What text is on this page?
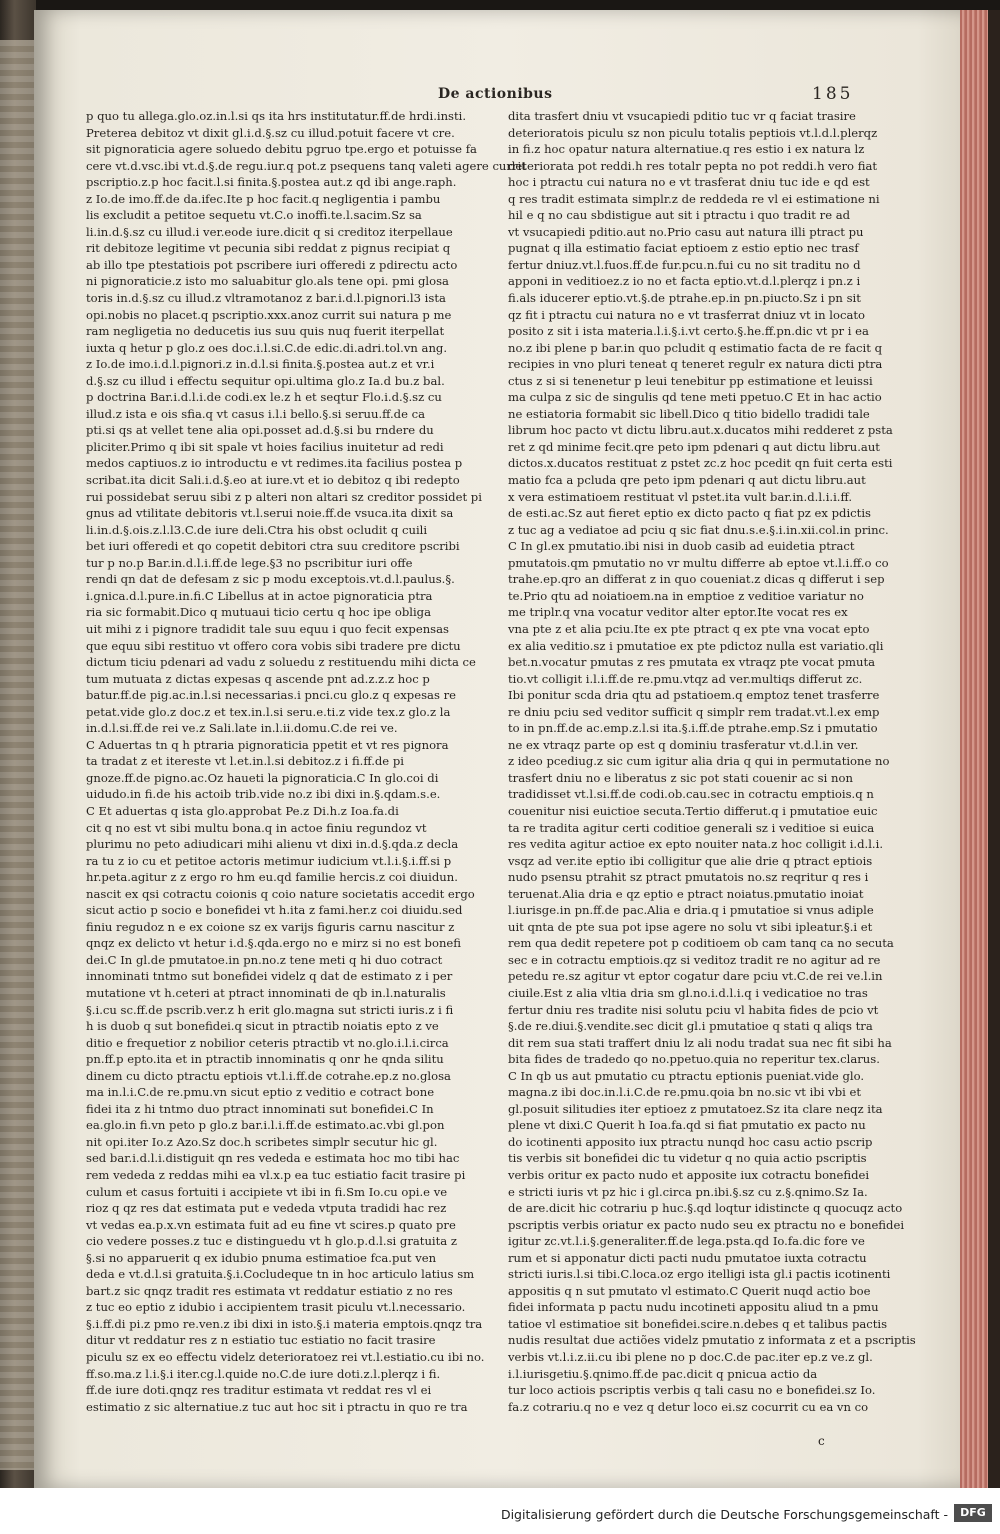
De actionibus	185
p quo tu allega.glo.oz.in.l.si qs ita hrs institutatur.ff.de hrdi.insti.
Preterea debitoz vt dixit gl.i.d.§.sz cu illud.potuit facere vt cre.
sit pignoraticia agere soluedo debitu pgruo tpe.ergo et potuisse fa
cere vt.d.vsc.ibi vt.d.§.de regu.iur.q pot.z psequens tanq valeti agere currit
pscriptio.z.p hoc facit.l.si finita.§.postea aut.z qd ibi ange.raph.
z Io.de imo.ff.de da.ifec.Ite p hoc facit.q negligentia i pambu
lis excludit a petitoe sequetu vt.C.o inoffi.te.l.sacim.Sz sa
li.in.d.§.sz cu illud.i ver.eode iure.dicit q si creditoz iterpellaue
rit debitoze legitime vt pecunia sibi reddat z pignus recipiat q
ab illo tpe ptestatiois pot pscribere iuri offeredi z pdirectu acto
ni pignoraticie.z isto mo saluabitur glo.als tene opi. pmi glosa
toris in.d.§.sz cu illud.z vltramotanoz z bar.i.d.l.pignori.l3 ista
opi.nobis no placet.q pscriptio.xxx.anoz currit sui natura p me
ram negligetia no deducetis ius suu quis nuq fuerit iterpellat
iuxta q hetur p glo.z oes doc.i.l.si.C.de edic.di.adri.tol.vn ang.
z Io.de imo.i.d.l.pignori.z in.d.l.si finita.§.postea aut.z et vr.i
d.§.sz cu illud i effectu sequitur opi.ultima glo.z Ia.d bu.z bal.
p doctrina Bar.i.d.l.i.de codi.ex le.z h et seqtur Flo.i.d.§.sz cu
illud.z ista e ois sfia.q vt casus i.l.i bello.§.si seruu.ff.de ca
pti.si qs at vellet tene alia opi.posset ad.d.§.si bu rndere du
pliciter.Primo q ibi sit spale vt hoies facilius inuitetur ad redi
medos captiuos.z io introductu e vt redimes.ita facilius postea p
scribat.ita dicit Sali.i.d.§.eo at iure.vt et io debitoz q ibi redepto
rui possidebat seruu sibi z p alteri non altari sz creditor possidet pi
gnus ad vtilitate debitoris vt.l.serui noie.ff.de vsuca.ita dixit sa
li.in.d.§.ois.z.l.l3.C.de iure deli.Ctra his obst ocludit q cuili
bet iuri offeredi et qo copetit debitori ctra suu creditore pscribi
tur p no.p Bar.in.d.l.i.ff.de lege.§3 no pscribitur iuri offe
rendi qn dat de defesam z sic p modu exceptois.vt.d.l.paulus.§.
i.gnica.d.l.pure.in.fi.C Libellus at in actoe pignoraticia ptra
ria sic formabit.Dico q mutuaui ticio certu q hoc ipe obliga
uit mihi z i pignore tradidit tale suu equu i quo fecit expensas
que equu sibi restituo vt offero cora vobis sibi tradere pre dictu
dictum ticiu pdenari ad vadu z soluedu z restituendu mihi dicta ce
tum mutuata z dictas expesas q ascende pnt ad.z.z.z hoc p
batur.ff.de pig.ac.in.l.si necessarias.i pnci.cu glo.z q expesas re
petat.vide glo.z doc.z et tex.in.l.si seru.e.ti.z vide tex.z glo.z la
in.d.l.si.ff.de rei ve.z Sali.late in.l.ii.domu.C.de rei ve.
C Aduertas tn q h ptraria pignoraticia ppetit et vt res pignora
ta tradat z et itereste vt l.et.in.l.si debitoz.z i fi.ff.de pi
gnoze.ff.de pigno.ac.Oz haueti la pignoraticia.C In glo.coi di
uidudo.in fi.de his actoib trib.vide no.z ibi dixi in.§.qdam.s.e.
C Et aduertas q ista glo.approbat Pe.z Di.h.z Ioa.fa.di
cit q no est vt sibi multu bona.q in actoe finiu regundoz vt
plurimu no peto adiudicari mihi alienu vt dixi in.d.§.qda.z decla
ra tu z io cu et petitoe actoris metimur iudicium vt.l.i.§.i.ff.si p
hr.peta.agitur z z ergo ro hm eu.qd familie hercis.z coi diuidun.
nascit ex qsi cotractu coionis q coio nature societatis accedit ergo
sicut actio p socio e bonefidei vt h.ita z fami.her.z coi diuidu.sed
finiu regudoz n e ex coione sz ex varijs figuris carnu nascitur z
qnqz ex delicto vt hetur i.d.§.qda.ergo no e mirz si no est bonefi
dei.C In gl.de pmutatoe.in pn.no.z tene meti q hi duo cotract
innominati tntmo sut bonefidei videlz q dat de estimato z i per
mutatione vt h.ceteri at ptract innominati de qb in.l.naturalis
§.i.cu sc.ff.de pscrib.ver.z h erit glo.magna sut stricti iuris.z i fi
h is duob q sut bonefidei.q sicut in ptractib noiatis epto z ve
ditio e frequetior z nobilior ceteris ptractib vt no.glo.i.l.i.circa
pn.ff.p epto.ita et in ptractib innominatis q onr he qnda silitu
dinem cu dicto ptractu eptiois vt.l.i.ff.de cotrahe.ep.z no.glosa
ma in.l.i.C.de re.pmu.vn sicut eptio z veditio e cotract bone
fidei ita z hi tntmo duo ptract innominati sut bonefidei.C In
ea.glo.in fi.vn peto p glo.z bar.i.l.i.ff.de estimato.ac.vbi gl.pon
nit opi.iter Io.z Azo.Sz doc.h scribetes simplr secutur hic gl.
sed bar.i.d.l.i.distiguit qn res vededa e estimata hoc mo tibi hac
rem vededa z reddas mihi ea vl.x.p ea tuc estiatio facit trasire pi
culum et casus fortuiti i accipiete vt ibi in fi.Sm Io.cu opi.e ve
rioz q qz res dat estimata put e vededa vtputa tradidi hac rez
vt vedas ea.p.x.vn estimata fuit ad eu fine vt scires.p quato pre
cio vedere posses.z tuc e distinguedu vt h glo.p.d.l.si gratuita z
§.si no apparuerit q ex idubio pnuma estimatioe fca.put ven
deda e vt.d.l.si gratuita.§.i.Cocludeque tn in hoc articulo latius sm
bart.z sic qnqz tradit res estimata vt reddatur estiatio z no res
z tuc eo eptio z idubio i accipientem trasit piculu vt.l.necessario.
§.i.ff.di pi.z pmo re.ven.z ibi dixi in isto.§.i materia emptois.qnqz tra
ditur vt reddatur res z n estiatio tuc estiatio no facit trasire
piculu sz ex eo effectu videlz deterioratoez rei vt.l.estiatio.cu ibi no.
ff.so.ma.z l.i.§.i iter.cg.l.quide no.C.de iure doti.z.l.plerqz i fi.
ff.de iure doti.qnqz res traditur estimata vt reddat res vl ei
estimatio z sic alternatiue.z tuc aut hoc sit i ptractu in quo re tra
dita trasfert dniu vt vsucapiedi pditio tuc vr q faciat trasire
deterioratois piculu sz non piculu totalis peptiois vt.l.d.l.plerqz
in fi.z hoc opatur natura alternatiue.q res estio i ex natura lz
deteriorata pot reddi.h res totalr pepta no pot reddi.h vero fiat
hoc i ptractu cui natura no e vt trasferat dniu tuc ide e qd est
q res tradit estimata simplr.z de reddeda re vl ei estimatione ni
hil e q no cau sbdistigue aut sit i ptractu i quo tradit re ad
vt vsucapiedi pditio.aut no.Prio casu aut natura illi ptract pu
pugnat q illa estimatio faciat eptioem z estio eptio nec trasf
fertur dniuz.vt.l.fuos.ff.de fur.pcu.n.fui cu no sit traditu no d
apponi in veditioez.z io no et facta eptio.vt.d.l.plerqz i pn.z i
fi.als iducerer eptio.vt.§.de ptrahe.ep.in pn.piucto.Sz i pn sit
qz fit i ptractu cui natura no e vt trasferrat dniuz vt in locato
posito z sit i ista materia.l.i.§.i.vt certo.§.he.ff.pn.dic vt pr i ea
no.z ibi plene p bar.in quo pcludit q estimatio facta de re facit q
recipies in vno pluri teneat q teneret regulr ex natura dicti ptra
ctus z si si tenenetur p leui tenebitur pp estimatione et leuissi
ma culpa z sic de singulis qd tene meti ppetuo.C Et in hac actio
ne estiatoria formabit sic libell.Dico q titio bidello tradidi tale
librum hoc pacto vt dictu libru.aut.x.ducatos mihi redderet z psta
ret z qd minime fecit.qre peto ipm pdenari q aut dictu libru.aut
dictos.x.ducatos restituat z pstet zc.z hoc pcedit qn fuit certa esti
matio fca a pcluda qre peto ipm pdenari q aut dictu libru.aut
x vera estimatioem restituat vl pstet.ita vult bar.in.d.l.i.i.ff.
de esti.ac.Sz aut fieret eptio ex dicto pacto q fiat pz ex pdictis
z tuc ag a vediatoe ad pciu q sic fiat dnu.s.e.§.i.in.xii.col.in princ.
C In gl.ex pmutatio.ibi nisi in duob casib ad euidetia ptract
pmutatois.qm pmutatio no vr multu differre ab eptoe vt.l.i.ff.o co
trahe.ep.qro an differat z in quo coueniat.z dicas q differut i sep
te.Prio qtu ad noiatioem.na in emptioe z veditioe variatur no
me triplr.q vna vocatur veditor alter eptor.Ite vocat res ex
vna pte z et alia pciu.Ite ex pte ptract q ex pte vna vocat epto
ex alia veditio.sz i pmutatioe ex pte pdictoz nulla est variatio.qli
bet.n.vocatur pmutas z res pmutata ex vtraqz pte vocat pmuta
tio.vt colligit i.l.i.ff.de re.pmu.vtqz ad ver.multiqs differut zc.
Ibi ponitur scda dria qtu ad pstatioem.q emptoz tenet trasferre
re dniu pciu sed veditor sufficit q simplr rem tradat.vt.l.ex emp
to in pn.ff.de ac.emp.z.l.si ita.§.i.ff.de ptrahe.emp.Sz i pmutatio
ne ex vtraqz parte op est q dominiu trasferatur vt.d.l.in ver.
z ideo pcediug.z sic cum igitur alia dria q qui in permutatione no
trasfert dniu no e liberatus z sic pot stati couenir ac si non
tradidisset vt.l.si.ff.de codi.ob.cau.sec in cotractu emptiois.q n
couenitur nisi euictioe secuta.Tertio differut.q i pmutatioe euic
ta re tradita agitur certi coditioe generali sz i veditioe si euica
res vedita agitur actioe ex epto nouiter nata.z hoc colligit i.d.l.i.
vsqz ad ver.ite eptio ibi colligitur que alie drie q ptract eptiois
nudo psensu ptrahit sz ptract pmutatois no.sz reqritur q res i
teruenat.Alia dria e qz eptio e ptract noiatus.pmutatio inoiat
l.iurisge.in pn.ff.de pac.Alia e dria.q i pmutatioe si vnus adiple
uit qnta de pte sua pot ipse agere no solu vt sibi ipleatur.§.i et
rem qua dedit repetere pot p coditioem ob cam tanq ca no secuta
sec e in cotractu emptiois.qz si veditoz tradit re no agitur ad re
petedu re.sz agitur vt eptor cogatur dare pciu vt.C.de rei ve.l.in
ciuile.Est z alia vltia dria sm gl.no.i.d.l.i.q i vedicatioe no tras
fertur dniu res tradite nisi solutu pciu vl habita fides de pcio vt
§.de re.diui.§.vendite.sec dicit gl.i pmutatioe q stati q aliqs tra
dit rem sua stati traffert dniu lz ali nodu tradat sua nec fit sibi ha
bita fides de tradedo qo no.ppetuo.quia no reperitur tex.clarus.
C In qb us aut pmutatio cu ptractu eptionis pueniat.vide glo.
magna.z ibi doc.in.l.i.C.de re.pmu.qoia bn no.sic vt ibi vbi et
gl.posuit silitudies iter eptioez z pmutatoez.Sz ita clare neqz ita
plene vt dixi.C Querit h Ioa.fa.qd si fiat pmutatio ex pacto nu
do icotinenti apposito iux ptractu nunqd hoc casu actio pscrip
tis verbis sit bonefidei dic tu videtur q no quia actio pscriptis
verbis oritur ex pacto nudo et apposite iux cotractu bonefidei
e stricti iuris vt pz hic i gl.circa pn.ibi.§.sz cu z.§.qnimo.Sz Ia.
de are.dicit hic cotrariu p huc.§.qd loqtur idistincte q quocuqz acto
pscriptis verbis oriatur ex pacto nudo seu ex ptractu no e bonefidei
igitur zc.vt.l.i.§.generaliter.ff.de lega.psta.qd Io.fa.dic fore ve
rum et si apponatur dicti pacti nudu pmutatoe iuxta cotractu
stricti iuris.l.si tibi.C.loca.oz ergo itelligi ista gl.i pactis icotinenti
appositis q n sut pmutato vl estimato.C Querit nuqd actio boe
fidei informata p pactu nudu incotineti appositu aliud tn a pmu
tatioe vl estimatioe sit bonefidei.scire.n.debes q et talibus pactis
nudis resultat due actiões videlz pmutatio z informata z et a pscriptis
verbis vt.l.i.z.ii.cu ibi plene no p doc.C.de pac.iter ep.z ve.z gl.
i.l.iurisgetiu.§.qnimo.ff.de pac.dicit q pnicua actio da
tur loco actiois pscriptis verbis q tali casu no e bonefidei.sz Io.
fa.z cotrariu.q no e vez q detur loco ei.sz cocurrit cu ea vn co
c
Digitalisierung gefördert durch die Deutsche Forschungsgemeinschaft -	DFG
